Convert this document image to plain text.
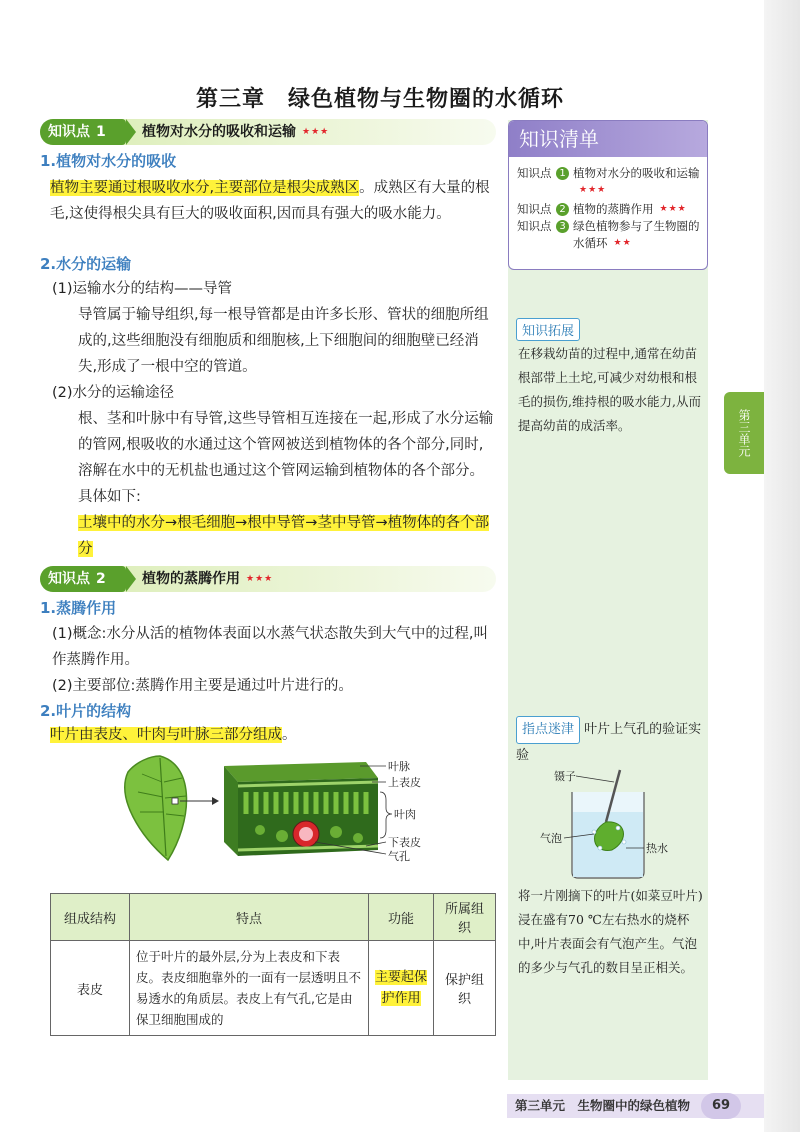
第三章　绿色植物与生物圈的水循环
知识点 1	植物对水分的吸收和运输 ★★★
1.植物对水分的吸收
植物主要通过根吸收水分,主要部位是根尖成熟区。成熟区有大量的根毛,这使得根尖具有巨大的吸收面积,因而具有强大的吸水能力。
2.水分的运输
(1)运输水分的结构——导管
导管属于输导组织,每一根导管都是由许多长形、管状的细胞所组成的,这些细胞没有细胞质和细胞核,上下细胞间的细胞壁已经消失,形成了一根中空的管道。
(2)水分的运输途径
根、茎和叶脉中有导管,这些导管相互连接在一起,形成了水分运输的管网,根吸收的水通过这个管网被送到植物体的各个部分,同时,溶解在水中的无机盐也通过这个管网运输到植物体的各个部分。具体如下:
土壤中的水分→根毛细胞→根中导管→茎中导管→植物体的各个部分
知识点 2	植物的蒸腾作用 ★★★
1.蒸腾作用
(1)概念:水分从活的植物体表面以水蒸气状态散失到大气中的过程,叫作蒸腾作用。
(2)主要部位:蒸腾作用主要是通过叶片进行的。
2.叶片的结构
叶片由表皮、叶肉与叶脉三部分组成。
叶脉
上表皮
叶肉
下表皮
气孔
组成结构	特点	功能	所属组织
表皮	位于叶片的最外层,分为上表皮和下表皮。表皮细胞靠外的一面有一层透明且不易透水的角质层。表皮上有气孔,它是由保卫细胞围成的	主要起保护作用	保护组织
知识清单
知识点 1 植物对水分的吸收和运输★★★
知识点 2 植物的蒸腾作用 ★★★
知识点 3 绿色植物参与了生物圈的水循环 ★★
知识拓展
在移栽幼苗的过程中,通常在幼苗根部带上土坨,可减少对幼根和根毛的损伤,维持根的吸水能力,从而提高幼苗的成活率。
指点迷津 叶片上气孔的验证实验
镊子
气泡
热水
将一片刚摘下的叶片(如菜豆叶片)浸在盛有70 ℃左右热水的烧杯中,叶片表面会有气泡产生。气泡的多少与气孔的数目呈正相关。
第三单元
第三单元　生物圈中的绿色植物	69
